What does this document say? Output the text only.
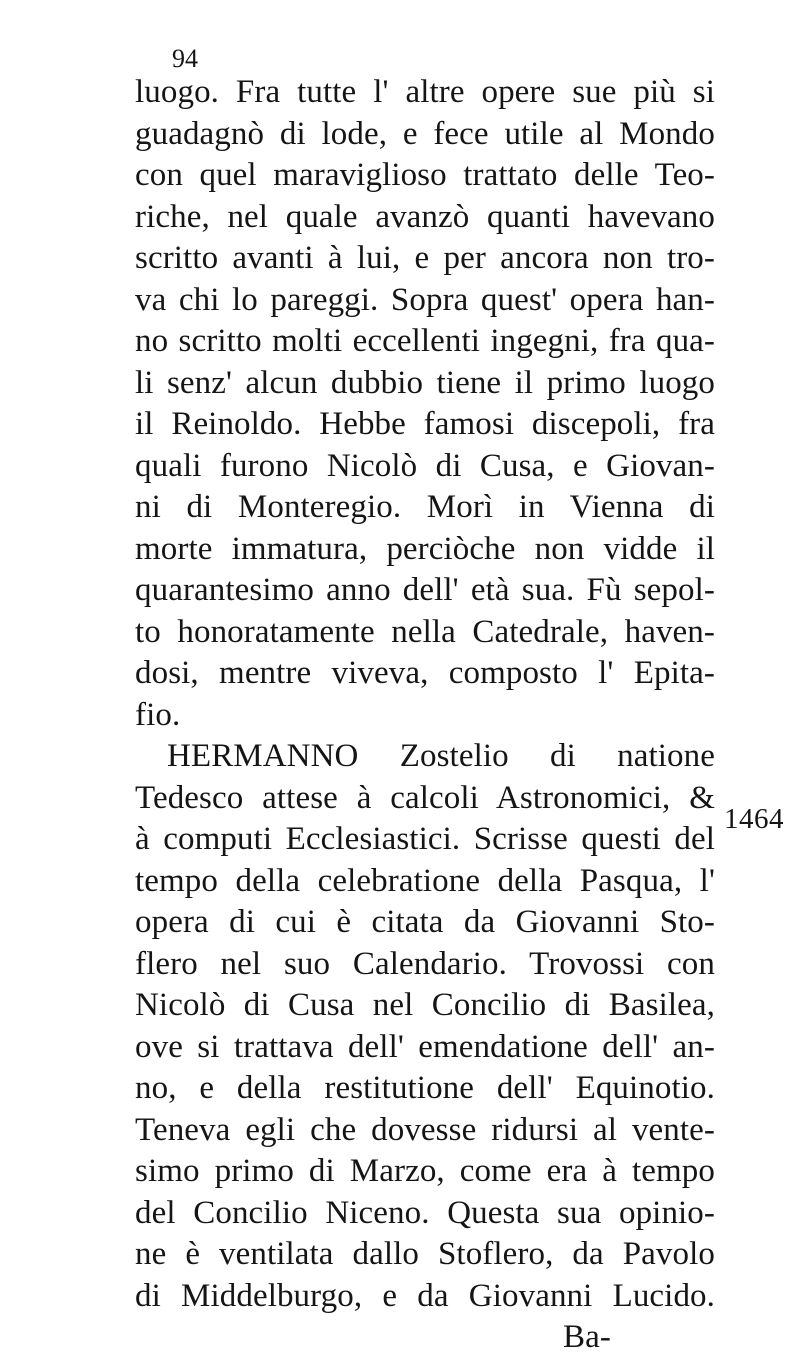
94
luogo. Fra tutte l' altre opere sue più si
guadagnò di lode, e fece utile al Mondo
con quel maraviglioso trattato delle Teo-
riche, nel quale avanzò quanti havevano
scritto avanti à lui, e per ancora non tro-
va chi lo pareggi. Sopra quest' opera han-
no scritto molti eccellenti ingegni, fra qua-
li senz' alcun dubbio tiene il primo luogo
il Reinoldo. Hebbe famosi discepoli, fra
quali furono Nicolò di Cusa, e Giovan-
ni di Monteregio. Morì in Vienna di
morte immatura, perciòche non vidde il
quarantesimo anno dell' età sua. Fù sepol-
to honoratamente nella Catedrale, haven-
dosi, mentre viveva, composto l' Epita-
fio.
HERMANNO Zostelio di natione
Tedesco attese à calcoli Astronomici, &
à computi Ecclesiastici. Scrisse questi del
tempo della celebratione della Pasqua, l'
opera di cui è citata da Giovanni Sto-
flero nel suo Calendario. Trovossi con
Nicolò di Cusa nel Concilio di Basilea,
ove si trattava dell' emendatione dell' an-
no, e della restitutione dell' Equinotio.
Teneva egli che dovesse ridursi al vente-
simo primo di Marzo, come era à tempo
del Concilio Niceno. Questa sua opinio-
ne è ventilata dallo Stoflero, da Pavolo
di Middelburgo, e da Giovanni Lucido.
Ba-
1464
